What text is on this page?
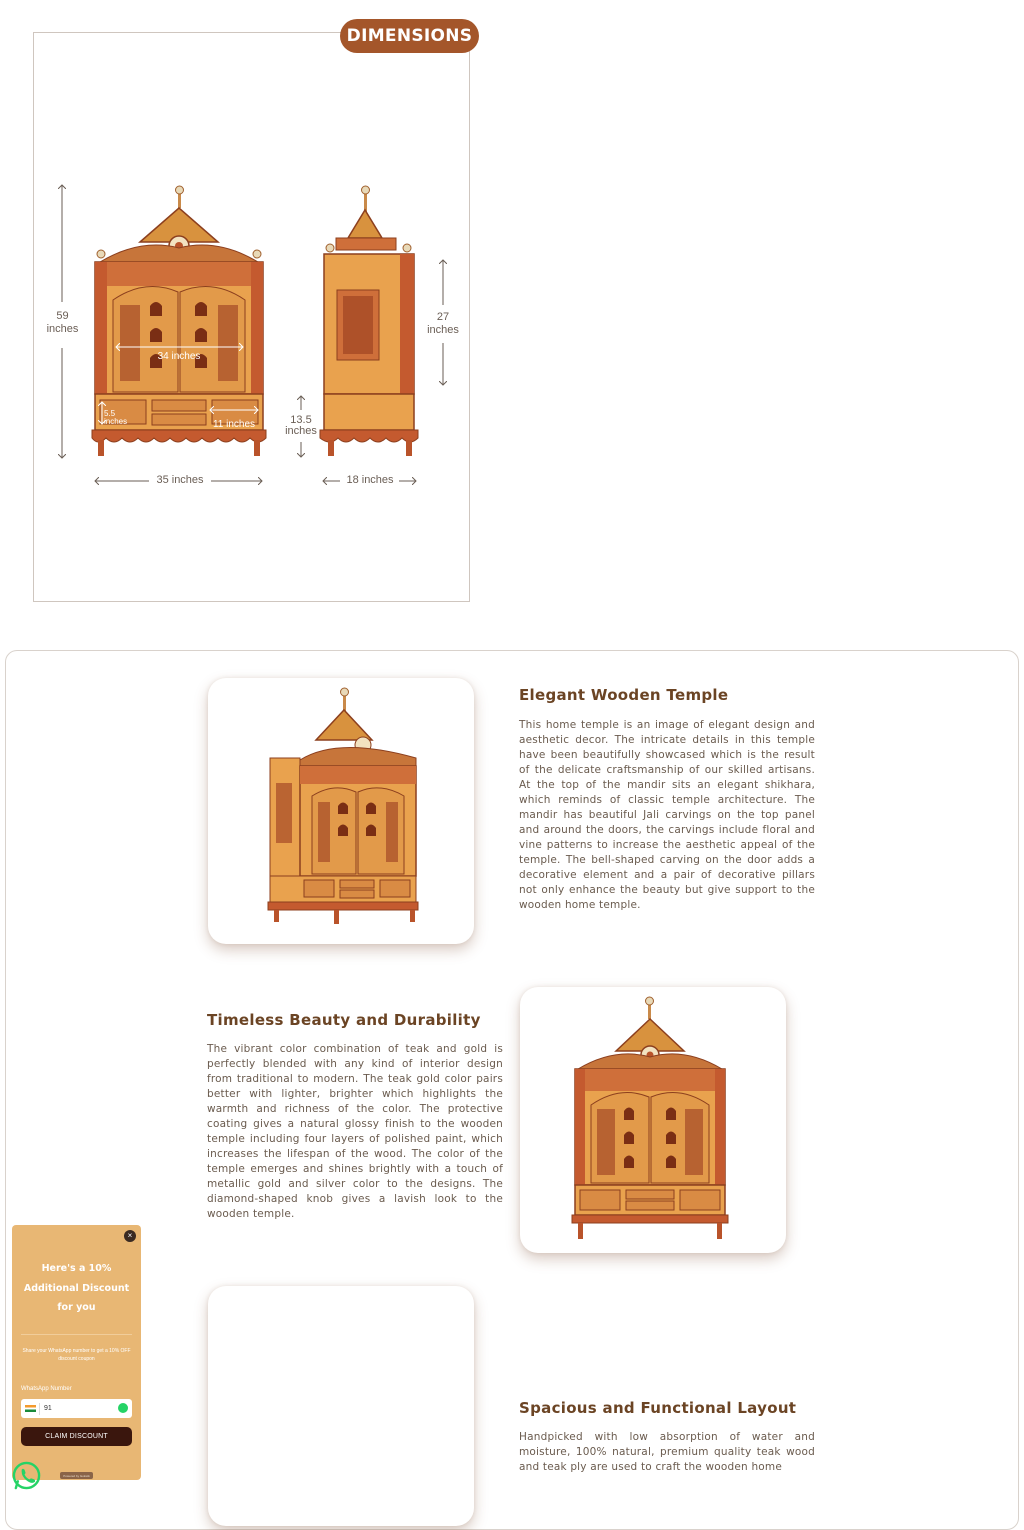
DIMENSIONS
59
inches
34 inches
5.5
inches	11 inches
35 inches
27
inches
13.5
inches
18 inches
Elegant Wooden Temple
This home temple is an image of elegant design and aesthetic decor. The intricate details in this temple have been beautifully showcased which is the result of the delicate craftsmanship of our skilled artisans. At the top of the mandir sits an elegant shikhara, which reminds of classic temple architecture. The mandir has beautiful Jali carvings on the top panel and around the doors, the carvings include floral and vine patterns to increase the aesthetic appeal of the temple. The bell-shaped carving on the door adds a decorative element and a pair of decorative pillars not only enhance the beauty but give support to the wooden home temple.
Timeless Beauty and Durability
The vibrant color combination of teak and gold is perfectly blended with any kind of interior design from traditional to modern. The teak gold color pairs better with lighter, brighter which highlights the warmth and richness of the color. The protective coating gives a natural glossy finish to the wooden temple including four layers of polished paint, which increases the lifespan of the wood. The color of the temple emerges and shines brightly with a touch of metallic gold and silver color to the designs. The diamond-shaped knob gives a lavish look to the wooden temple.
Spacious and Functional Layout
Handpicked with low absorption of water and moisture, 100% natural, premium quality teak wood and teak ply are used to craft the wooden home
×
Here's a 10%
Additional Discount
for you
Share your WhatsApp number to get a 10% OFF discount coupon
WhatsApp Number
91
CLAIM DISCOUNT
Powered by Gokwik
